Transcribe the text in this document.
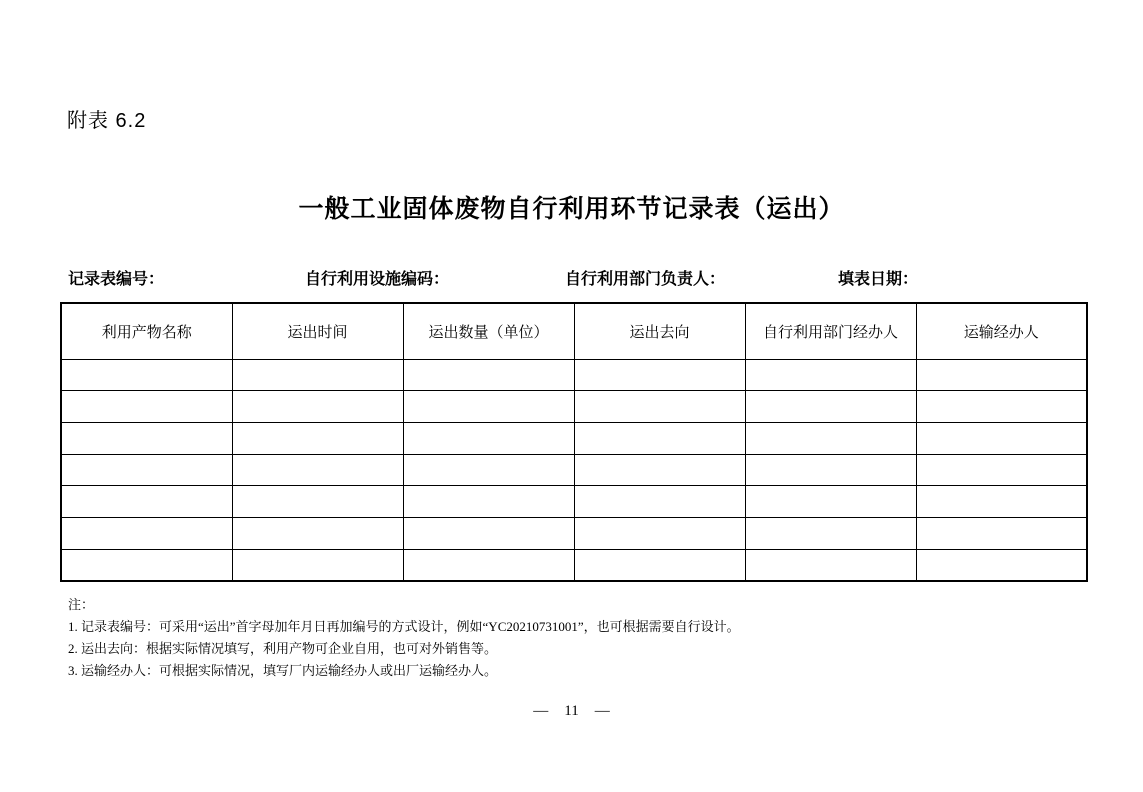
附表 6.2
一般工业固体废物自行利用环节记录表（运出）
记录表编号：	自行利用设施编码：	自行利用部门负责人：	填表日期：
利用产物名称	运出时间	运出数量（单位）	运出去向	自行利用部门经办人	运输经办人

注：
1. 记录表编号：可采用“运出”首字母加年月日再加编号的方式设计，例如“YC20210731001”，也可根据需要自行设计。
2. 运出去向：根据实际情况填写，利用产物可企业自用，也可对外销售等。
3. 运输经办人：可根据实际情况，填写厂内运输经办人或出厂运输经办人。
— 11 —
